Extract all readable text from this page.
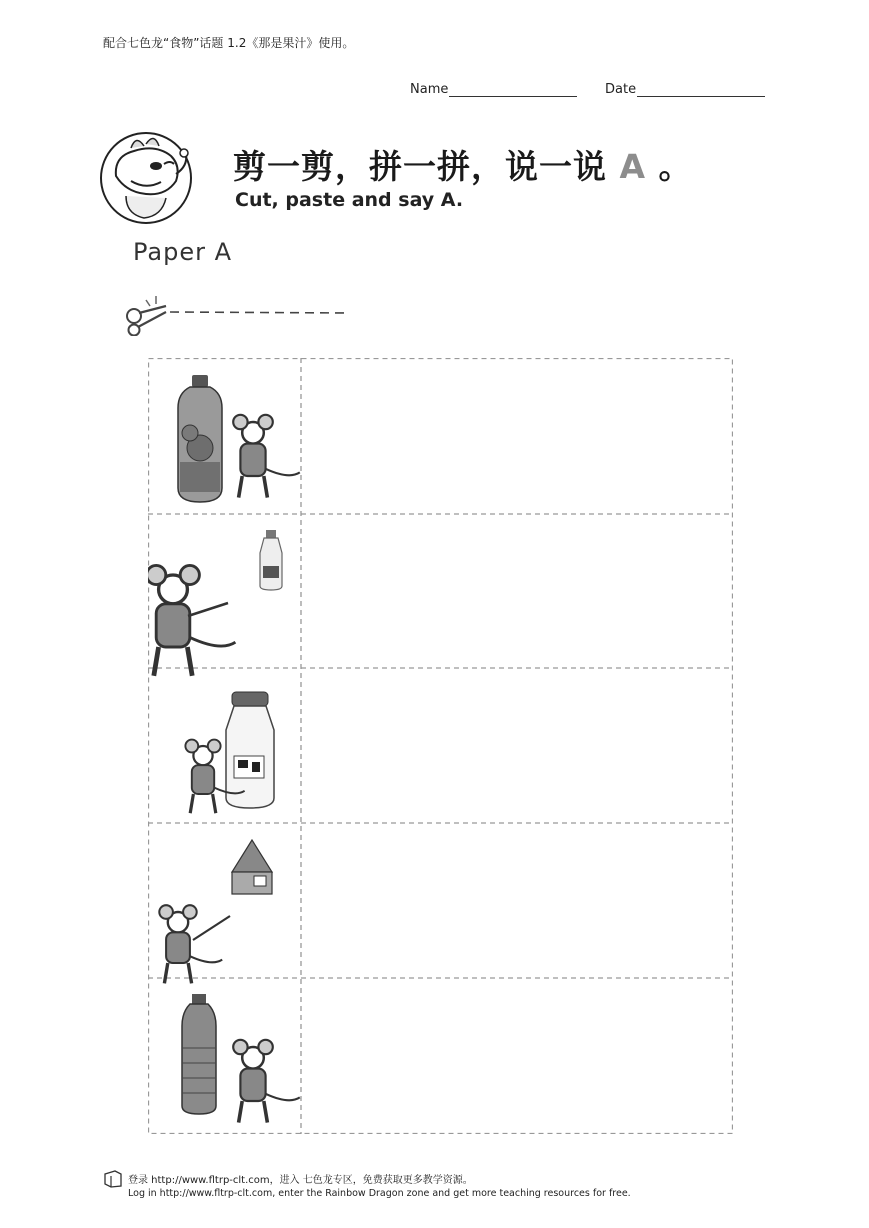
配合七色龙“食物”话题 1.2《那是果汁》使用。
Name	Date
剪一剪，拼一拼，说一说 A 。
Cut, paste and say A.
Paper A
登录 http://www.fltrp-clt.com，进入 七色龙专区，免费获取更多教学资源。
Log in http://www.fltrp-clt.com, enter the Rainbow Dragon zone and get more teaching resources for free.
